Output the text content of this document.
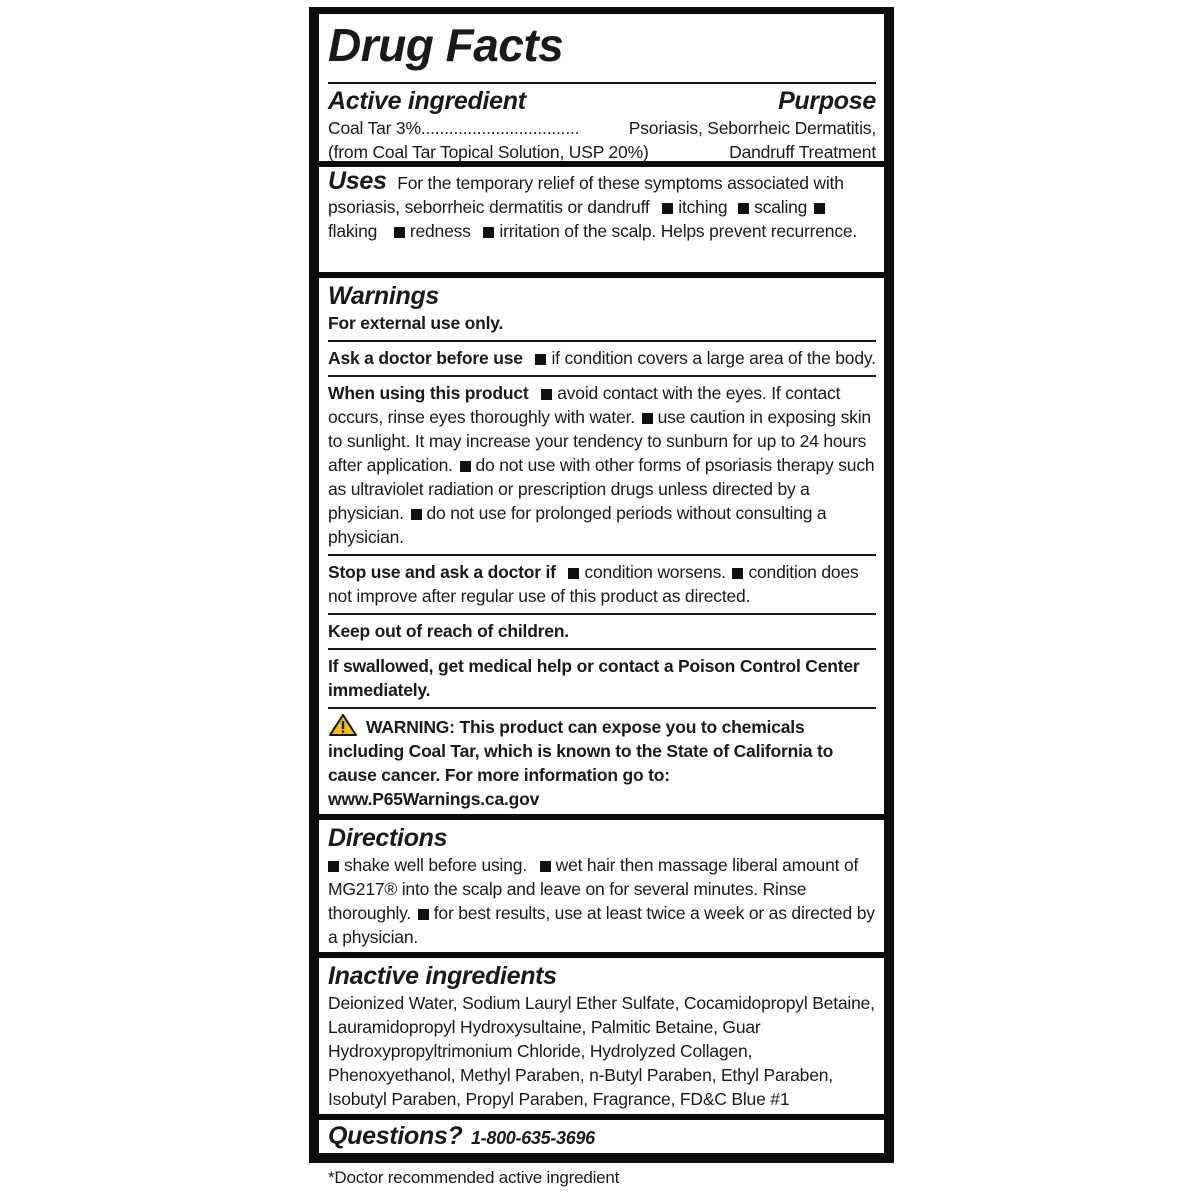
Drug Facts
Active ingredient	Purpose
Coal Tar 3%..................................	Psoriasis, Seborrheic Dermatitis,
(from Coal Tar Topical Solution, USP 20%)	Dandruff Treatment
Uses For the temporary relief of these symptoms associated with psoriasis, seborrheic dermatitis or dandruff itching scaling flaking redness irritation of the scalp. Helps prevent recurrence.
Warnings
For external use only.
Ask a doctor before use if condition covers a large area of the body.
When using this product avoid contact with the eyes. If contact occurs, rinse eyes thoroughly with water. use caution in exposing skin to sunlight. It may increase your tendency to sunburn for up to 24 hours after application. do not use with other forms of psoriasis therapy such as ultraviolet radiation or prescription drugs unless directed by a physician. do not use for prolonged periods without consulting a physician.
Stop use and ask a doctor if condition worsens. condition does not improve after regular use of this product as directed.
Keep out of reach of children.
If swallowed, get medical help or contact a Poison Control Center immediately.
WARNING: This product can expose you to chemicals including Coal Tar, which is known to the State of California to cause cancer. For more information go to: www.P65Warnings.ca.gov
Directions
shake well before using. wet hair then massage liberal amount of MG217® into the scalp and leave on for several minutes. Rinse thoroughly. for best results, use at least twice a week or as directed by a physician.
Inactive ingredients
Deionized Water, Sodium Lauryl Ether Sulfate, Cocamidopropyl Betaine, Lauramidopropyl Hydroxysultaine, Palmitic Betaine, Guar Hydroxypropyltrimonium Chloride, Hydrolyzed Collagen, Phenoxyethanol, Methyl Paraben, n-Butyl Paraben, Ethyl Paraben, Isobutyl Paraben, Propyl Paraben, Fragrance, FD&C Blue #1
Questions? 1-800-635-3696
*Doctor recommended active ingredient
